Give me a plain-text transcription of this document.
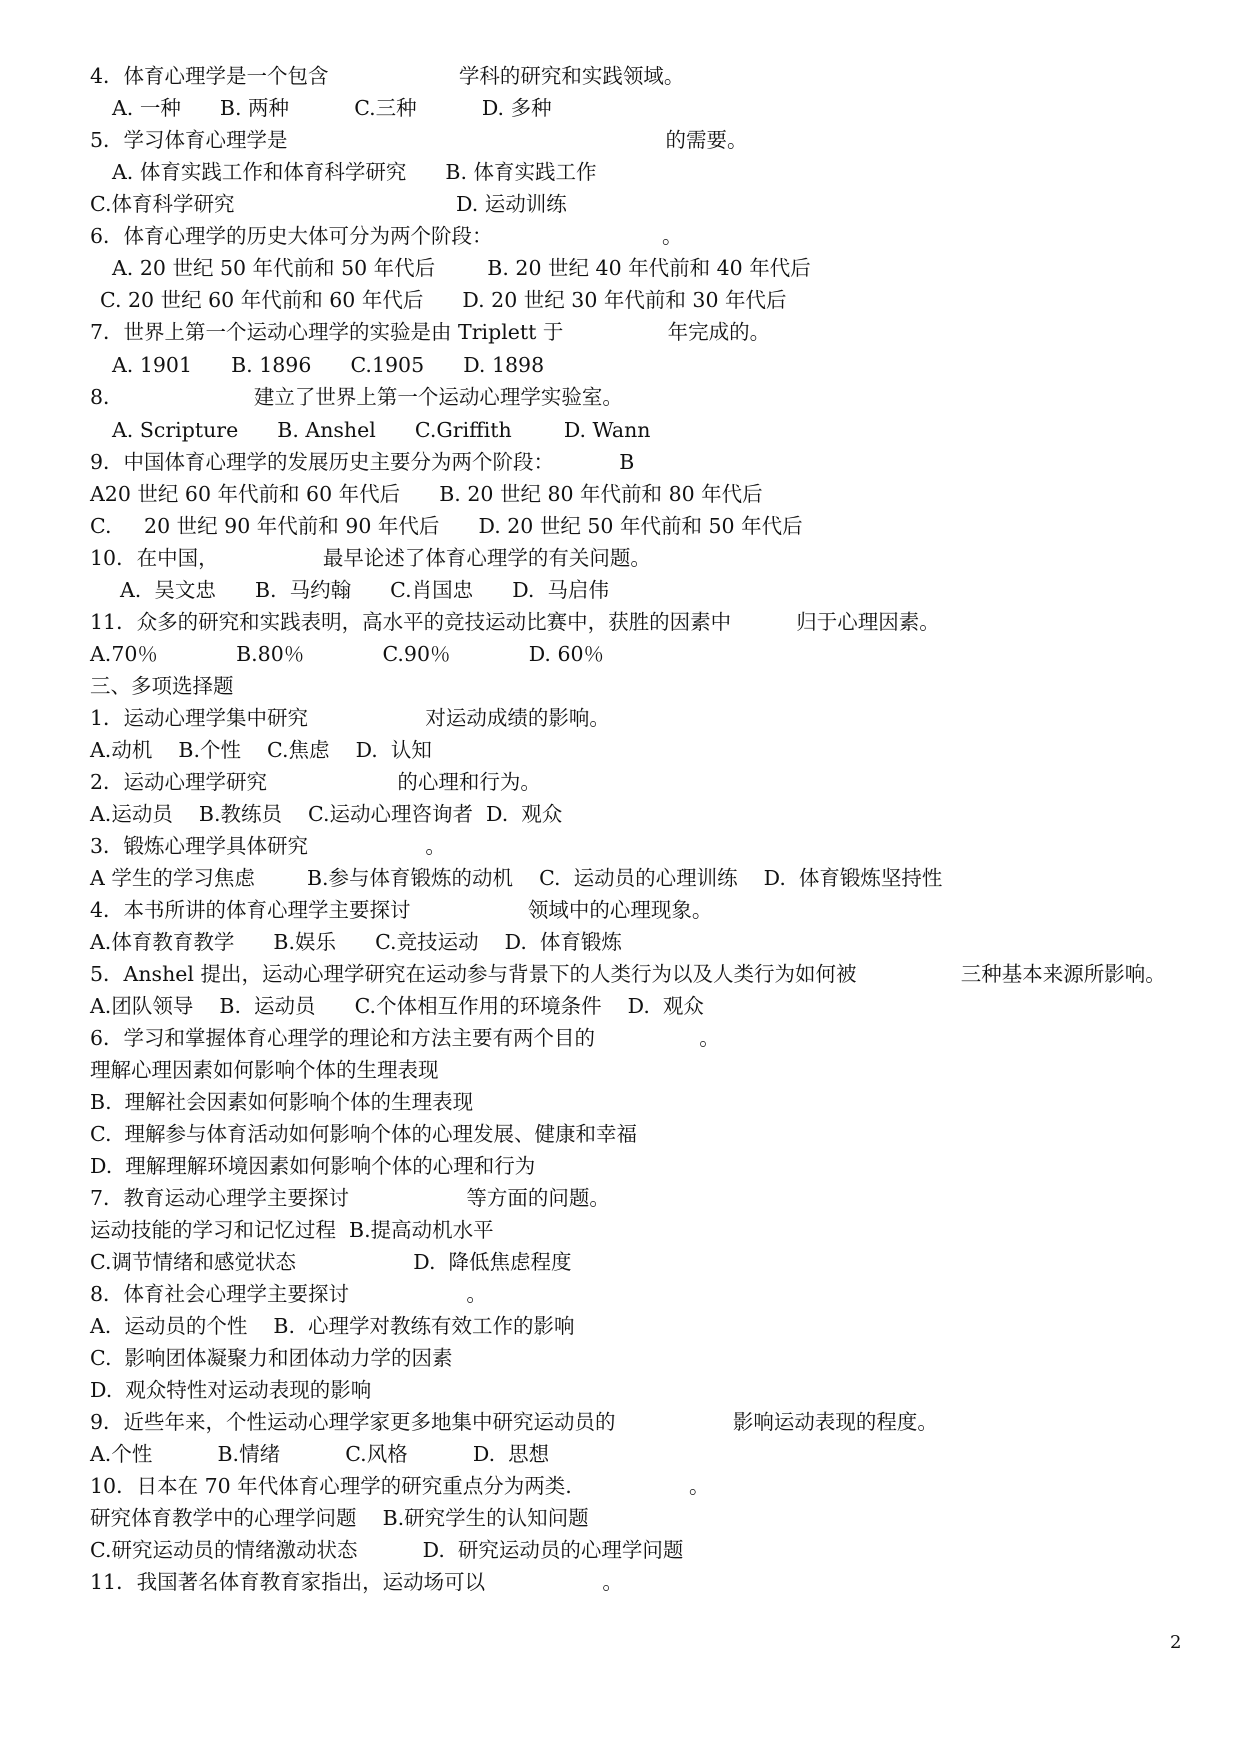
4．体育心理学是一个包含                    学科的研究和实践领域。
A. 一种      B. 两种          C.三种          D. 多种
5．学习体育心理学是                                                          的需要。
A. 体育实践工作和体育科学研究      B. 体育实践工作
C.体育科学研究                                  D. 运动训练
6．体育心理学的历史大体可分为两个阶段：                          。
A. 20 世纪 50 年代前和 50 年代后        B. 20 世纪 40 年代前和 40 年代后
C. 20 世纪 60 年代前和 60 年代后      D. 20 世纪 30 年代前和 30 年代后
7．世界上第一个运动心理学的实验是由 Triplett 于                年完成的。
A. 1901      B. 1896      C.1905      D. 1898
8．                    建立了世界上第一个运动心理学实验室。
A. Scripture      B. Anshel      C.Griffith        D. Wann
9．中国体育心理学的发展历史主要分为两个阶段：          B
A20 世纪 60 年代前和 60 年代后      B. 20 世纪 80 年代前和 80 年代后
C.     20 世纪 90 年代前和 90 年代后      D. 20 世纪 50 年代前和 50 年代后
10．在中国，                最早论述了体育心理学的有关问题。
A.  吴文忠      B.  马约翰      C.肖国忠      D.  马启伟
11．众多的研究和实践表明，高水平的竞技运动比赛中，获胜的因素中          归于心理因素。
A.70％            B.80％            C.90％            D. 60％
三、多项选择题
1．运动心理学集中研究                  对运动成绩的影响。
A.动机    B.个性    C.焦虑    D.  认知
2．运动心理学研究                    的心理和行为。
A.运动员    B.教练员    C.运动心理咨询者  D.  观众
3．锻炼心理学具体研究                  。
A 学生的学习焦虑        B.参与体育锻炼的动机    C.  运动员的心理训练    D.  体育锻炼坚持性
4．本书所讲的体育心理学主要探讨                  领域中的心理现象。
A.体育教育教学      B.娱乐      C.竞技运动    D.  体育锻炼
5．Anshel 提出，运动心理学研究在运动参与背景下的人类行为以及人类行为如何被                三种基本来源所影响。
A.团队领导    B.  运动员      C.个体相互作用的环境条件    D.  观众
6．学习和掌握体育心理学的理论和方法主要有两个目的                。
理解心理因素如何影响个体的生理表现
B.  理解社会因素如何影响个体的生理表现
C.  理解参与体育活动如何影响个体的心理发展、健康和幸福
D.  理解理解环境因素如何影响个体的心理和行为
7．教育运动心理学主要探讨                  等方面的问题。
运动技能的学习和记忆过程  B.提高动机水平
C.调节情绪和感觉状态                  D.  降低焦虑程度
8．体育社会心理学主要探讨                  。
A.  运动员的个性    B.  心理学对教练有效工作的影响
C.  影响团体凝聚力和团体动力学的因素
D.  观众特性对运动表现的影响
9．近些年来，个性运动心理学家更多地集中研究运动员的                  影响运动表现的程度。
A.个性          B.情绪          C.风格          D.  思想
10．日本在 70 年代体育心理学的研究重点分为两类.                  。
研究体育教学中的心理学问题    B.研究学生的认知问题
C.研究运动员的情绪激动状态          D.  研究运动员的心理学问题
11．我国著名体育教育家指出，运动场可以                  。
2
